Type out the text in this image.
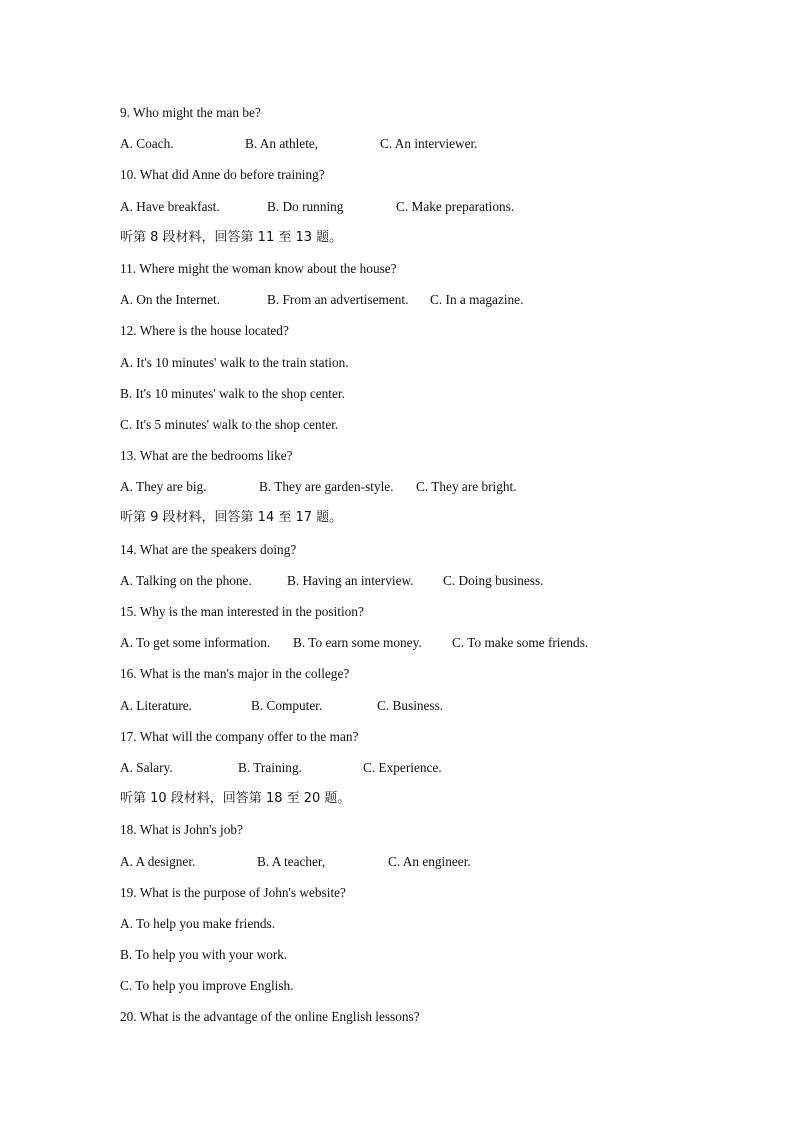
9. Who might the man be?
A. Coach.	B. An athlete,	C. An interviewer.
10. What did Anne do before training?
A. Have breakfast.	B. Do running	C. Make preparations.
听第 8 段材料，回答第 11 至 13 题。
11. Where might the woman know about the house?
A. On the Internet.	B. From an advertisement. C. In a magazine.
12. Where is the house located?
A. It's 10 minutes' walk to the train station.
B. It's 10 minutes' walk to the shop center.
C. It's 5 minutes' walk to the shop center.
13. What are the bedrooms like?
A. They are big.	B. They are garden-style. C. They are bright.
听第 9 段材料，回答第 14 至 17 题。
14. What are the speakers doing?
A. Talking on the phone.	B. Having an interview. C. Doing business.
15. Why is the man interested in the position?
A. To get some information. B. To earn some money. C. To make some friends.
16. What is the man's major in the college?
A. Literature.	B. Computer.	C. Business.
17. What will the company offer to the man?
A. Salary.	B. Training.	C. Experience.
听第 10 段材料，回答第 18 至 20 题。
18. What is John's job?
A. A designer.	B. A teacher,	C. An engineer.
19. What is the purpose of John's website?
A. To help you make friends.
B. To help you with your work.
C. To help you improve English.
20. What is the advantage of the online English lessons?
